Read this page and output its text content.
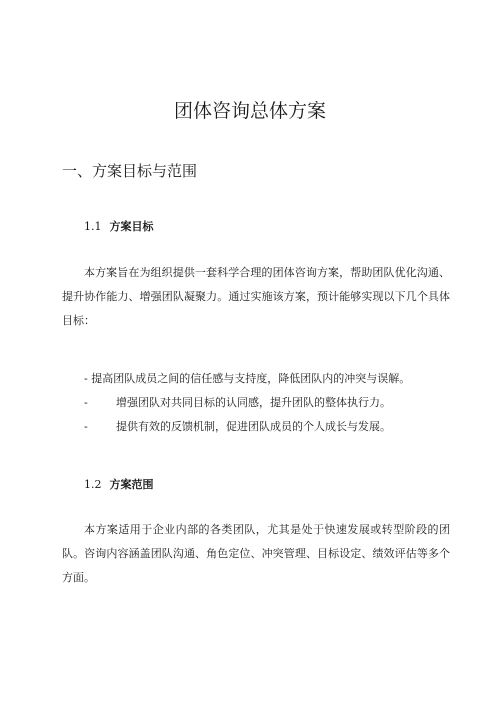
团体咨询总体方案
一、方案目标与范围
1.1 方案目标
本方案旨在为组织提供一套科学合理的团体咨询方案，帮助团队优化沟通、提升协作能力、增强团队凝聚力。通过实施该方案，预计能够实现以下几个具体目标：
- 提高团队成员之间的信任感与支持度，降低团队内的冲突与误解。
-	增强团队对共同目标的认同感，提升团队的整体执行力。
-	提供有效的反馈机制，促进团队成员的个人成长与发展。
1.2 方案范围
本方案适用于企业内部的各类团队，尤其是处于快速发展或转型阶段的团队。咨询内容涵盖团队沟通、角色定位、冲突管理、目标设定、绩效评估等多个方面。
